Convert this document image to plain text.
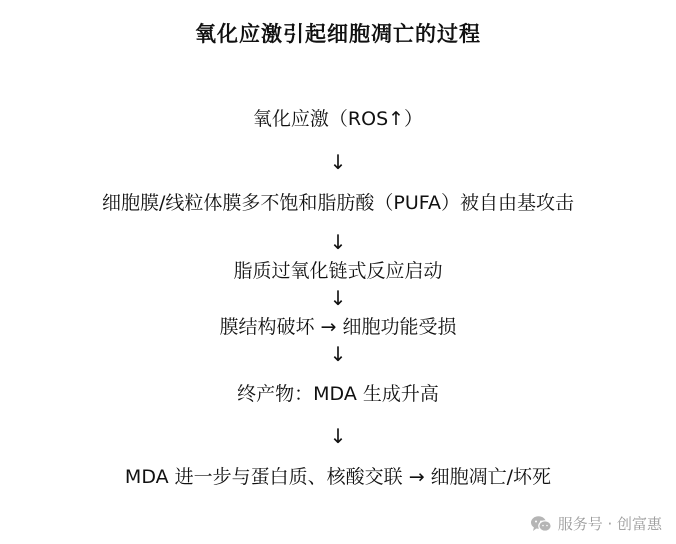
氧化应激引起细胞凋亡的过程
氧化应激（ROS↑）
↓
细胞膜/线粒体膜多不饱和脂肪酸（PUFA）被自由基攻击
↓
脂质过氧化链式反应启动
↓
膜结构破坏 → 细胞功能受损
↓
终产物：MDA 生成升高
↓
MDA 进一步与蛋白质、核酸交联 → 细胞凋亡/坏死
服务号 · 创富惠
